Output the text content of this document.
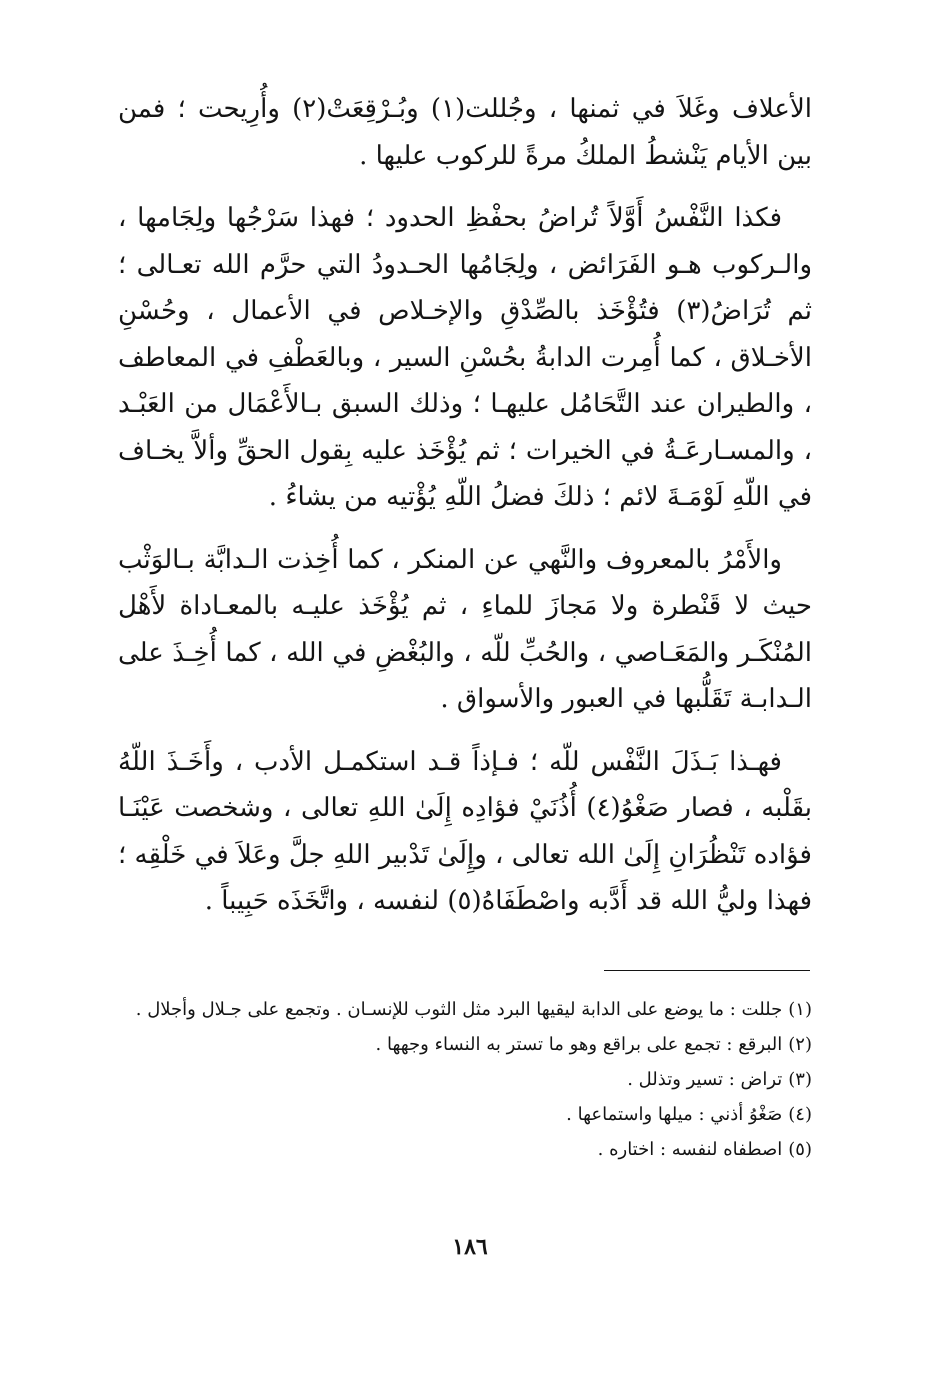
الأعلاف وغَلاَ في ثمنها ، وجُللت(١) وبُـرْقِعَتْ(٢) وأُرِيحت ؛ فمن بين الأيام يَنْشطُ الملكُ مرةً للركوب عليها .

فكذا النَّفْسُ أَوَّلاً تُراضُ بحفْظِ الحدود ؛ فهذا سَرْجُها ولِجَامها ، والـركوب هـو الفَرَائض ، ولِجَامُها الحـدودُ التي حرَّم الله تعـالى ؛ ثم تُرَاضُ(٣) فتُؤْخَذ بالصِّدْقِ والإخـلاص في الأعمال ، وحُسْنِ الأخـلاق ، كما أُمِرت الدابةُ بحُسْنِ السير ، وبالعَطْفِ في المعاطف ، والطيران عند التَّحَامُل عليهـا ؛ وذلك السبق بـالأَعْمَال من العَبْـد ، والمسـارعَـةُ في الخيرات ؛ ثم يُؤْخَذ عليه بِقول الحقِّ وألاَّ يخـاف في اللّهِ لَوْمَـةَ لائم ؛ ذلكَ فضلُ اللّهِ يُؤْتيه من يشاءُ .

والأَمْرُ بالمعروف والنَّهي عن المنكر ، كما أُخِذت الـدابَّة بـالوَثْب حيث لا قَنْطرة ولا مَجازَ للماءِ ، ثم يُؤْخَذ عليـه بالمعـاداة لأَهْل المُنْكَـر والمَعَـاصي ، والحُبِّ للّه ، والبُغْضِ في الله ، كما أُخِـذَ على الـدابـة تَقَلُّبها في العبور والأسواق .

فهـذا بَـذَلَ النَّفْس للّه ؛ فـإذاً قـد استكمـل الأدب ، وأَخَـذَ اللّهُ بقَلْبه ، فصار صَغْوُ(٤) أُذُنَيْ فؤادِه إِلَىٰ اللهِ تعالى ، وشخصت عَيْنَـا فؤاده تَنْظُرَانِ إِلَىٰ الله تعالى ، وإِلَىٰ تَدْبير اللهِ جلَّ وعَلاَ في خَلْقِه ؛ فهذا وليُّ الله قد أَدَّبه واصْطَفَاهُ(٥) لنفسه ، واتَّخَذَه حَبِيباً .

(١)جللت : ما يوضع على الدابة ليقيها البرد مثل الثوب للإنسـان . وتجمع على جـلال وأجلال .

(٢)البرقع : تجمع على براقع وهو ما تستر به النساء وجهها .

(٣)تراض : تسير وتذلل .

(٤)صَغْوُ أذني : ميلها واستماعها .

(٥)اصطفاه لنفسه : اختاره .

١٨٦
